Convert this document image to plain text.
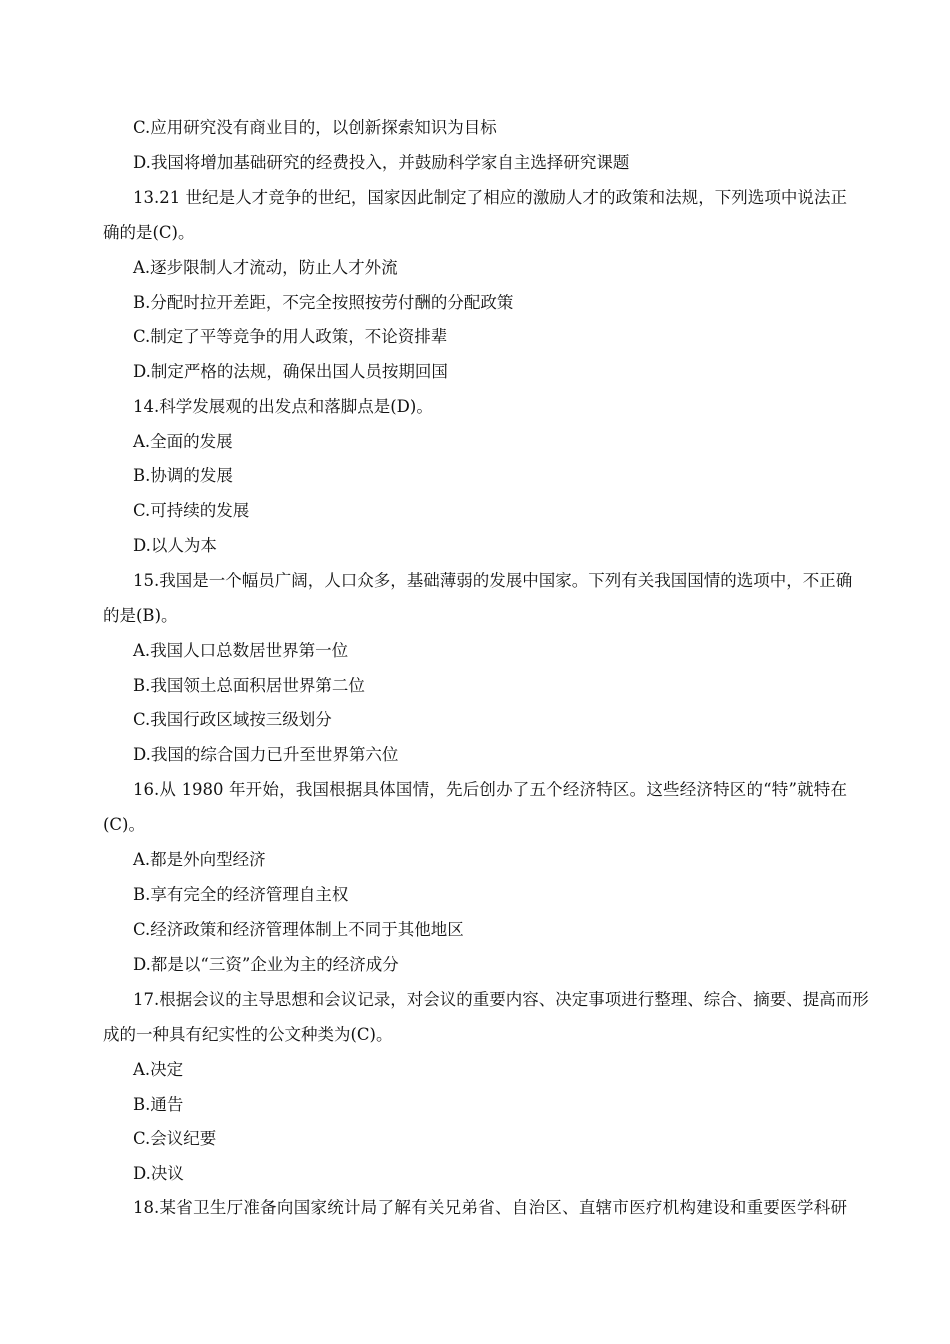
C.应用研究没有商业目的，以创新探索知识为目标
D.我国将增加基础研究的经费投入，并鼓励科学家自主选择研究课题
13.21 世纪是人才竞争的世纪，国家因此制定了相应的激励人才的政策和法规，下列选项中说法正
确的是(C)。
A.逐步限制人才流动，防止人才外流
B.分配时拉开差距，不完全按照按劳付酬的分配政策
C.制定了平等竞争的用人政策，不论资排辈
D.制定严格的法规，确保出国人员按期回国
14.科学发展观的出发点和落脚点是(D)。
A.全面的发展
B.协调的发展
C.可持续的发展
D.以人为本
15.我国是一个幅员广阔，人口众多，基础薄弱的发展中国家。下列有关我国国情的选项中，不正确
的是(B)。
A.我国人口总数居世界第一位
B.我国领土总面积居世界第二位
C.我国行政区域按三级划分
D.我国的综合国力已升至世界第六位
16.从 1980 年开始，我国根据具体国情，先后创办了五个经济特区。这些经济特区的“特”就特在
(C)。
A.都是外向型经济
B.享有完全的经济管理自主权
C.经济政策和经济管理体制上不同于其他地区
D.都是以“三资”企业为主的经济成分
17.根据会议的主导思想和会议记录，对会议的重要内容、决定事项进行整理、综合、摘要、提高而形
成的一种具有纪实性的公文种类为(C)。
A.决定
B.通告
C.会议纪要
D.决议
18.某省卫生厅准备向国家统计局了解有关兄弟省、自治区、直辖市医疗机构建设和重要医学科研
